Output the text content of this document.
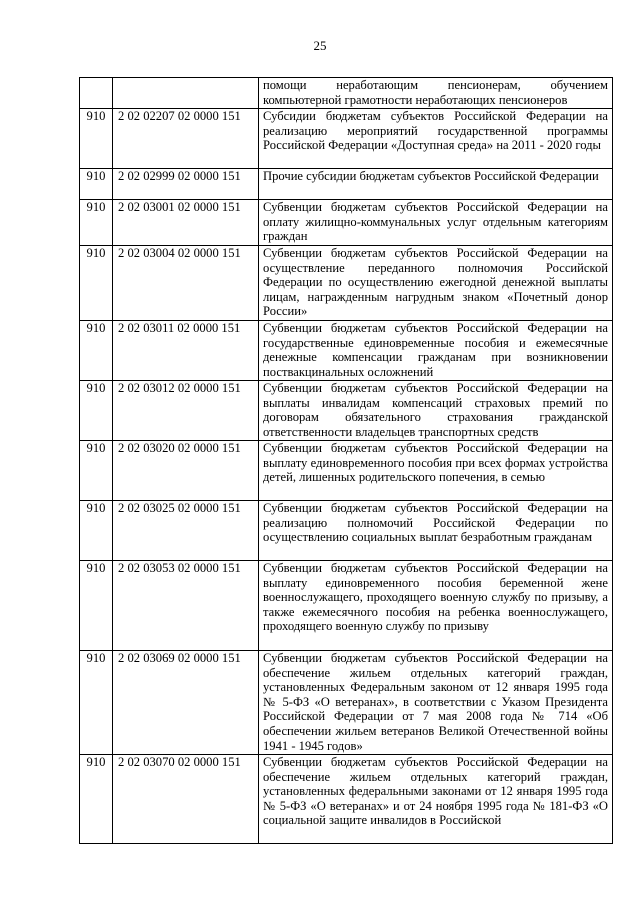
25
		помощи неработающим пенсионерам, обучением компьютерной грамотности неработающих пенсионеров
910	2 02 02207 02 0000 151	Субсидии бюджетам субъектов Российской Федерации на реализацию мероприятий государственной программы Российской Федерации «Доступная среда» на 2011 - 2020 годы
910	2 02 02999 02 0000 151	Прочие субсидии бюджетам субъектов Российской Федерации
910	2 02 03001 02 0000 151	Субвенции бюджетам субъектов Российской Федерации на оплату жилищно-коммунальных услуг отдельным категориям граждан
910	2 02 03004 02 0000 151	Субвенции бюджетам субъектов Российской Федерации на осуществление переданного полномочия Российской Федерации по осуществлению ежегодной денежной выплаты лицам, награжденным нагрудным знаком «Почетный донор России»
910	2 02 03011 02 0000 151	Субвенции бюджетам субъектов Российской Федерации на государственные единовременные пособия и ежемесячные денежные компенсации гражданам при возникновении поствакцинальных осложнений
910	2 02 03012 02 0000 151	Субвенции бюджетам субъектов Российской Федерации на выплаты инвалидам компенсаций страховых премий по договорам обязательного страхования гражданской ответственности владельцев транспортных средств
910	2 02 03020 02 0000 151	Субвенции бюджетам субъектов Российской Федерации на выплату единовременного пособия при всех формах устройства детей, лишенных родительского попечения, в семью
910	2 02 03025 02 0000 151	Субвенции бюджетам субъектов Российской Федерации на реализацию полномочий Российской Федерации по осуществлению социальных выплат безработным гражданам
910	2 02 03053 02 0000 151	Субвенции бюджетам субъектов Российской Федерации на выплату единовременного пособия беременной жене военнослужащего, проходящего военную службу по призыву, а также ежемесячного пособия на ребенка военнослужащего, проходящего военную службу по призыву
910	2 02 03069 02 0000 151	Субвенции бюджетам субъектов Российской Федерации на обеспечение жильем отдельных категорий граждан, установленных Федеральным законом от 12 января 1995 года № 5-ФЗ «О ветеранах», в соответствии с Указом Президента Российской Федерации от 7 мая 2008 года № 714 «Об обеспечении жильем ветеранов Великой Отечественной войны 1941 - 1945 годов»
910	2 02 03070 02 0000 151	Субвенции бюджетам субъектов Российской Федерации на обеспечение жильем отдельных категорий граждан, установленных федеральными законами от 12 января 1995 года № 5-ФЗ «О ветеранах» и от 24 ноября 1995 года № 181-ФЗ «О социальной защите инвалидов в Российской
